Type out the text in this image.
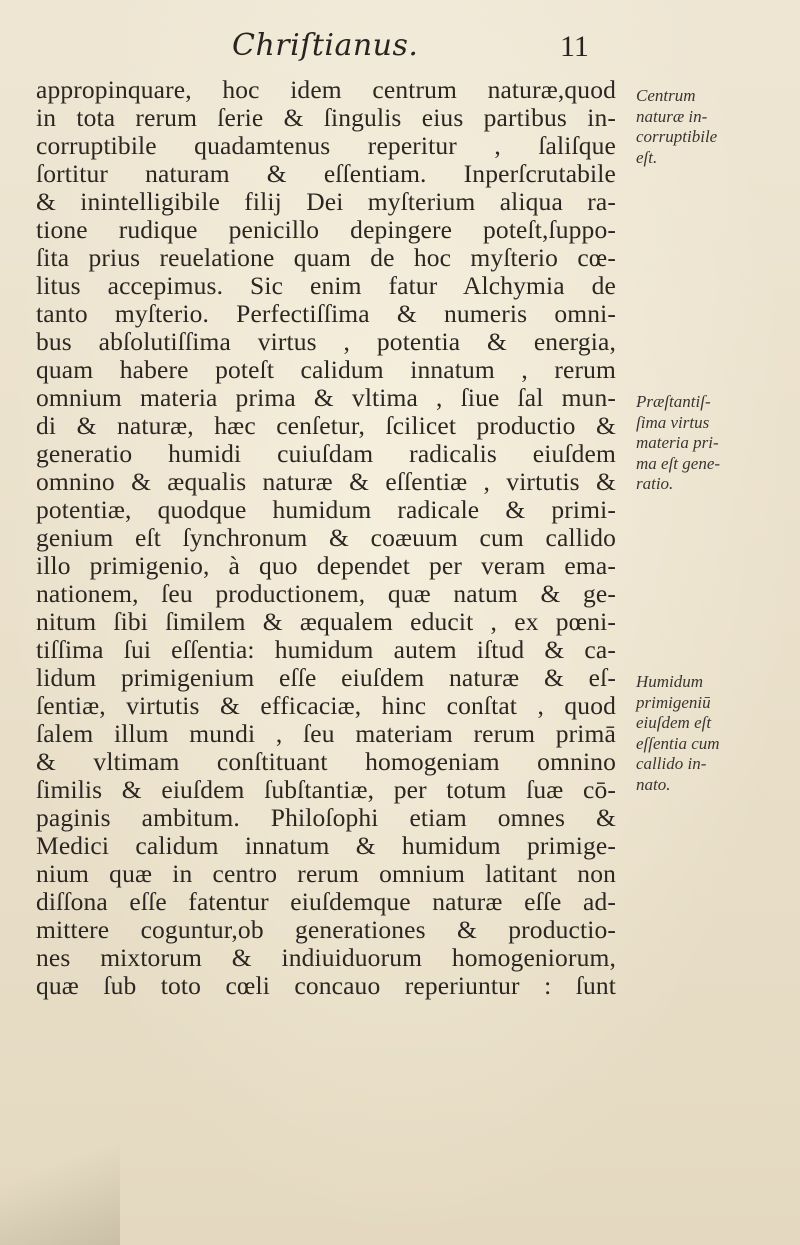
Chriſtianus.	11
appropinquare, hoc idem centrum naturæ,quod
in tota rerum ſerie & ſingulis eius partibus in-
corruptibile quadamtenus reperitur , ſaliſque
ſortitur naturam & eſſentiam. Inperſcrutabile
& inintelligibile filij Dei myſterium aliqua ra-
tione rudique penicillo depingere poteſt,ſuppo-
ſita prius reuelatione quam de hoc myſterio cœ-
litus accepimus. Sic enim fatur Alchymia de
tanto myſterio. Perfectiſſima & numeris omni-
bus abſolutiſſima virtus , potentia & energia,
quam habere poteſt calidum innatum , rerum
omnium materia prima & vltima , ſiue ſal mun-
di & naturæ, hæc cenſetur, ſcilicet productio &
generatio humidi cuiuſdam radicalis eiuſdem
omnino & æqualis naturæ & eſſentiæ , virtutis &
potentiæ, quodque humidum radicale & primi-
genium eſt ſynchronum & coæuum cum callido
illo primigenio, à quo dependet per veram ema-
nationem, ſeu productionem, quæ natum & ge-
nitum ſibi ſimilem & æqualem educit , ex pœni-
tiſſima ſui eſſentia: humidum autem iſtud & ca-
lidum primigenium eſſe eiuſdem naturæ & eſ-
ſentiæ, virtutis & efficaciæ, hinc conſtat , quod
ſalem illum mundi , ſeu materiam rerum primā
& vltimam conſtituant homogeniam omnino
ſimilis & eiuſdem ſubſtantiæ, per totum ſuæ cō-
paginis ambitum. Philoſophi etiam omnes &
Medici calidum innatum & humidum primige-
nium quæ in centro rerum omnium latitant non
diſſona eſſe fatentur eiuſdemque naturæ eſſe ad-
mittere coguntur,ob generationes & productio-
nes mixtorum & indiuiduorum homogeniorum,
quæ ſub toto cœli concauo reperiuntur : ſunt
Centrum
naturæ in-
corruptibile
eſt.
Præſtantiſ-
ſima virtus
materia pri-
ma eſt gene-
ratio.
Humidum
primigeniū
eiuſdem eſt
eſſentia cum
callido in-
nato.
